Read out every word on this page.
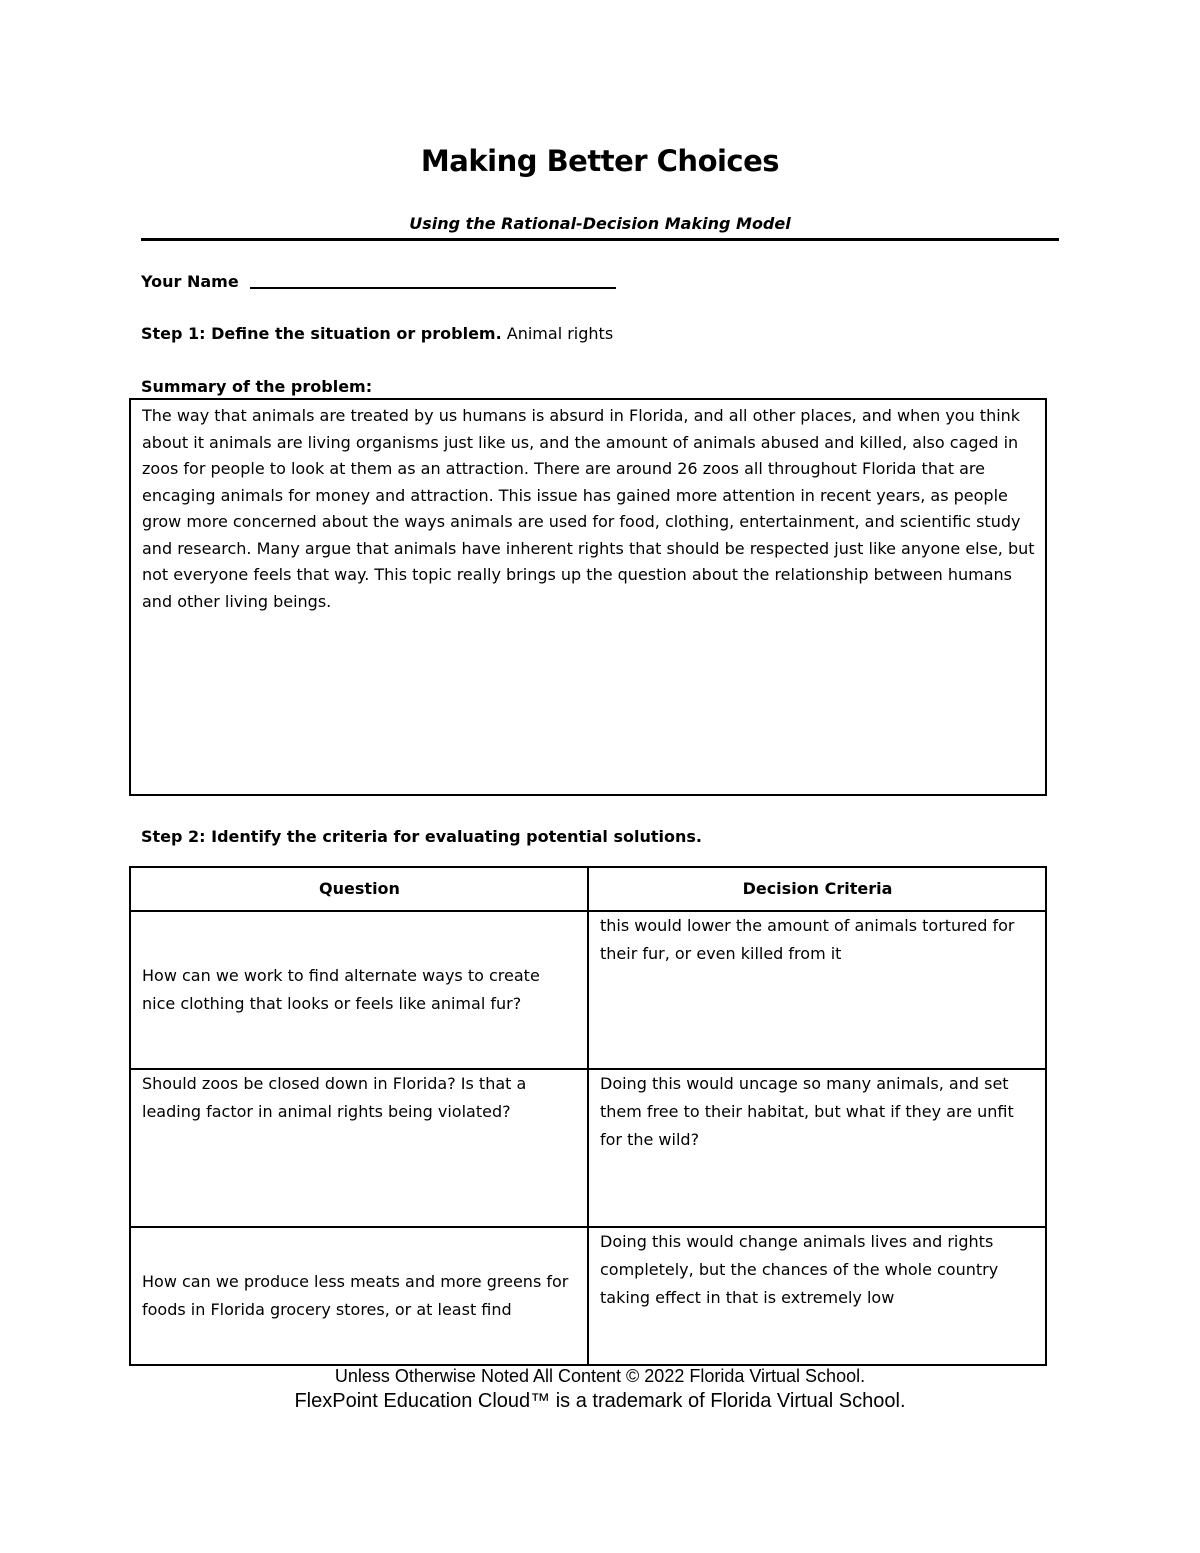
Making Better Choices
Using the Rational-Decision Making Model
Your Name
Step 1: Define the situation or problem. Animal rights
Summary of the problem:
The way that animals are treated by us humans is absurd in Florida, and all other places, and when you think about it animals are living organisms just like us, and the amount of animals abused and killed, also caged in zoos for people to look at them as an attraction. There are around 26 zoos all throughout Florida that are encaging animals for money and attraction. This issue has gained more attention in recent years, as people grow more concerned about the ways animals are used for food, clothing, entertainment, and scientific study and research. Many argue that animals have inherent rights that should be respected just like anyone else, but not everyone feels that way. This topic really brings up the question about the relationship between humans and other living beings.
Step 2: Identify the criteria for evaluating potential solutions.
Question	Decision Criteria
How can we work to find alternate ways to create nice clothing that looks or feels like animal fur?	this would lower the amount of animals tortured for their fur, or even killed from it
Should zoos be closed down in Florida? Is that a leading factor in animal rights being violated?	Doing this would uncage so many animals, and set them free to their habitat, but what if they are unfit for the wild?
How can we produce less meats and more greens for foods in Florida grocery stores, or at least find	Doing this would change animals lives and rights completely, but the chances of the whole country taking effect in that is extremely low
Unless Otherwise Noted All Content © 2022 Florida Virtual School.
FlexPoint Education Cloud™ is a trademark of Florida Virtual School.
